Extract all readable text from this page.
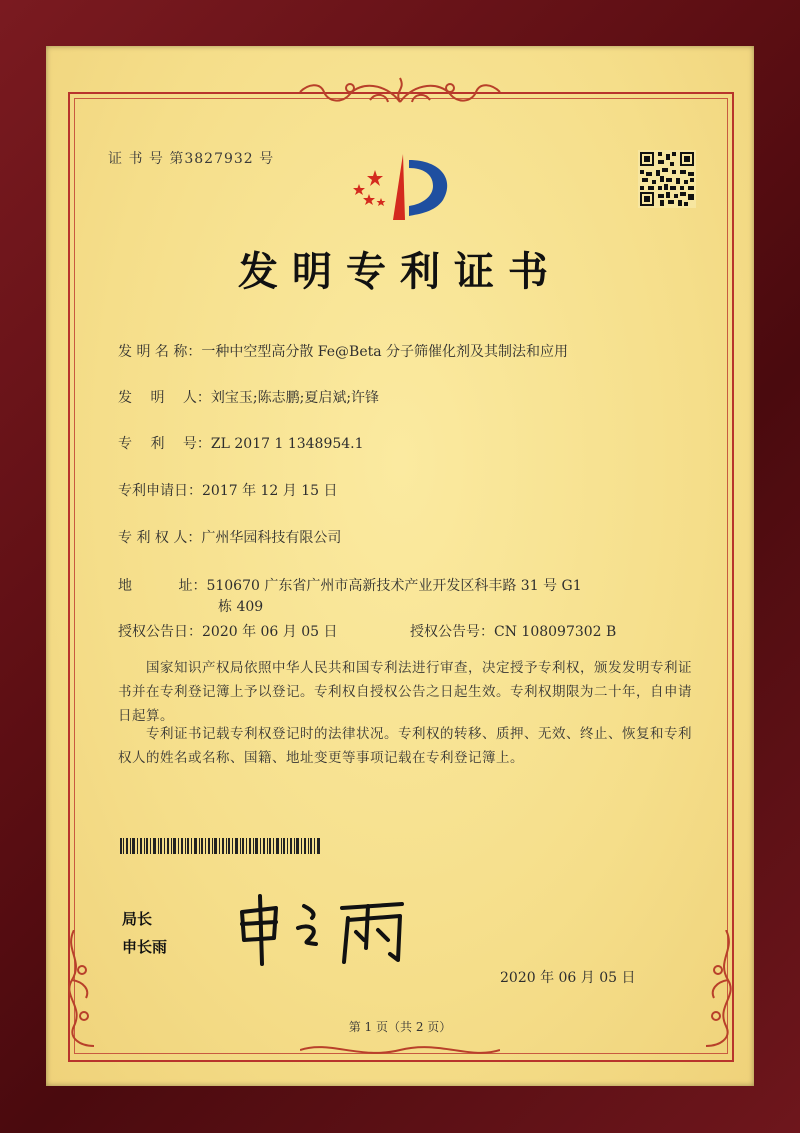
证 书 号 第3827932 号
发明专利证书
发 明 名 称：一种中空型高分散 Fe@Beta 分子筛催化剂及其制法和应用
发　 明　 人：刘宝玉;陈志鹏;夏启斌;许锋
专　 利　 号：ZL 2017 1 1348954.1
专利申请日：2017 年 12 月 15 日
专 利 权 人：广州华园科技有限公司
地　　　 址：510670 广东省广州市高新技术产业开发区科丰路 31 号 G1
栋 409
授权公告日：2020 年 06 月 05 日	授权公告号：CN 108097302 B
国家知识产权局依照中华人民共和国专利法进行审查，决定授予专利权，颁发发明专利证书并在专利登记簿上予以登记。专利权自授权公告之日起生效。专利权期限为二十年，自申请日起算。
专利证书记载专利权登记时的法律状况。专利权的转移、质押、无效、终止、恢复和专利权人的姓名或名称、国籍、地址变更等事项记载在专利登记簿上。
局长
申长雨
2020 年 06 月 05 日
第 1 页（共 2 页）
